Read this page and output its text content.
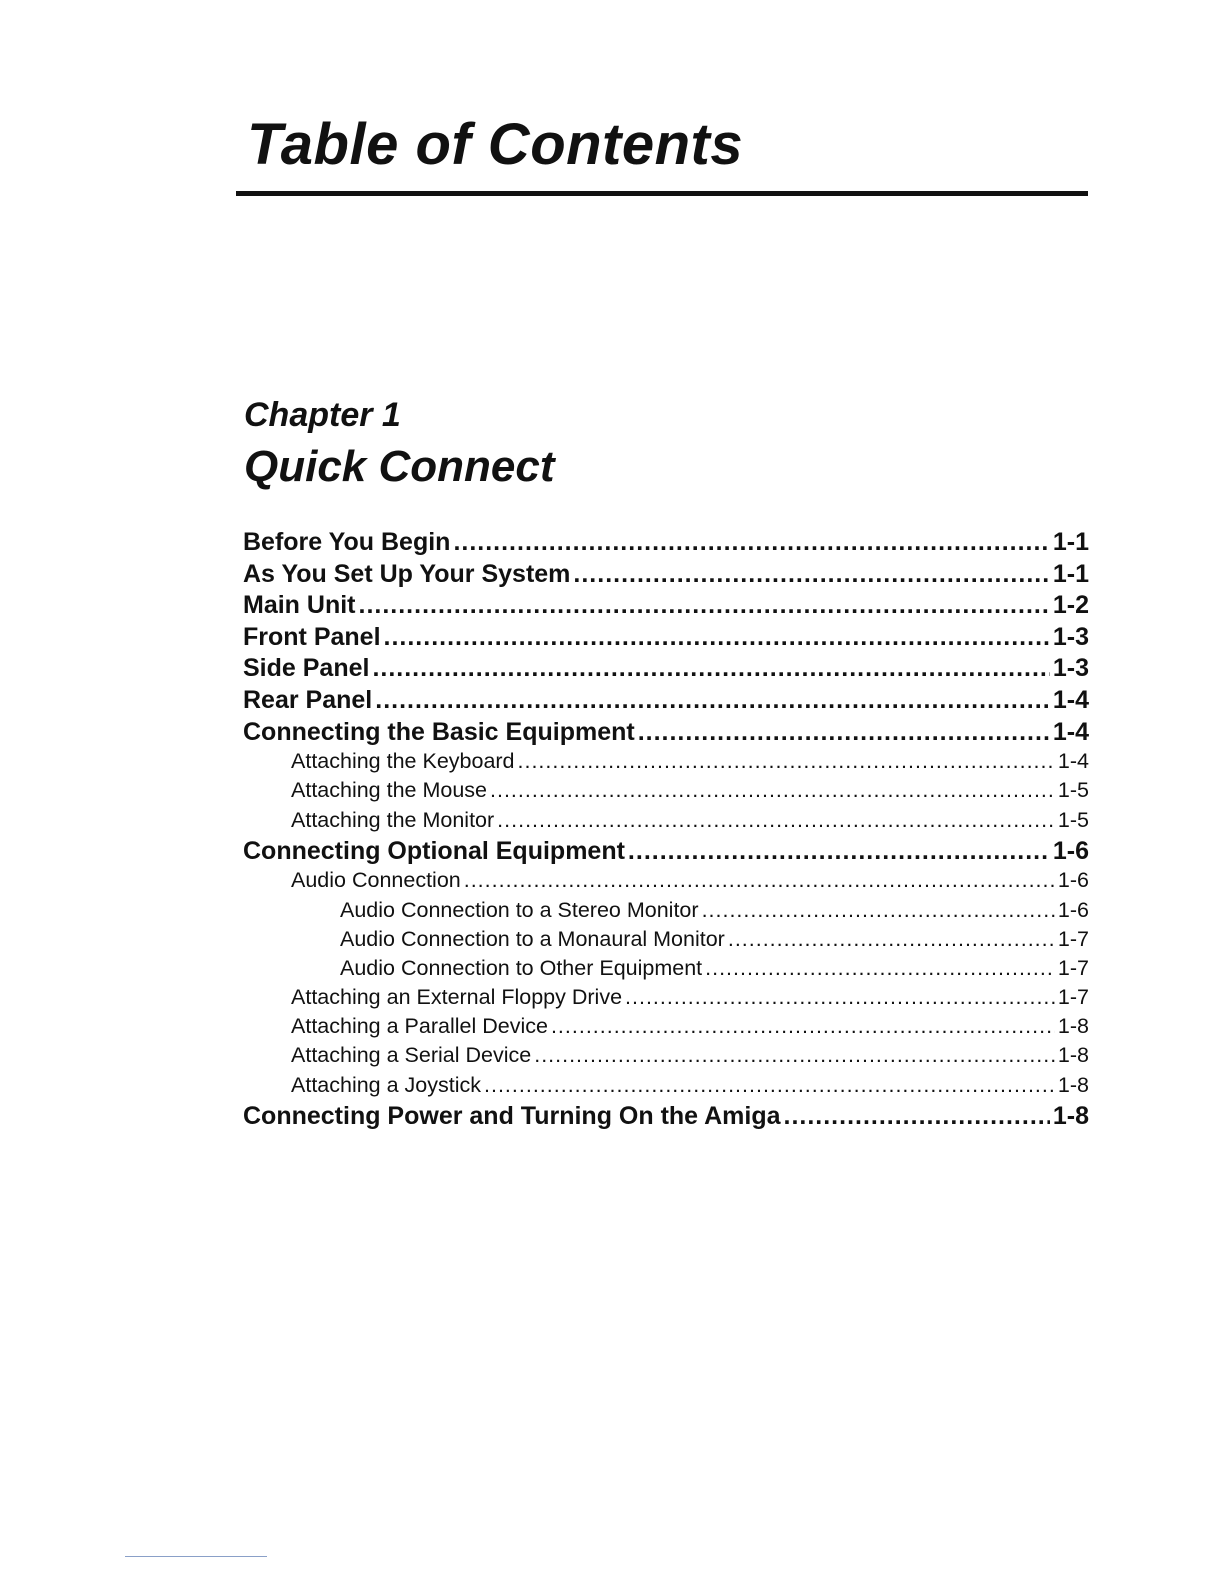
Table of Contents
Chapter 1
Quick Connect
Before You Begin .....	1-1
As You Set Up Your System .....	1-1
Main Unit .....	1-2
Front Panel .....	1-3
Side Panel .....	1-3
Rear Panel .....	1-4
Connecting the Basic Equipment .....	1-4
Attaching the Keyboard .....	1-4
Attaching the Mouse .....	1-5
Attaching the Monitor .....	1-5
Connecting Optional Equipment .....	1-6
Audio Connection .....	1-6
Audio Connection to a Stereo Monitor .....	1-6
Audio Connection to a Monaural Monitor .....	1-7
Audio Connection to Other Equipment .....	1-7
Attaching an External Floppy Drive .....	1-7
Attaching a Parallel Device .....	1-8
Attaching a Serial Device .....	1-8
Attaching a Joystick .....	1-8
Connecting Power and Turning On the Amiga .....	1-8
